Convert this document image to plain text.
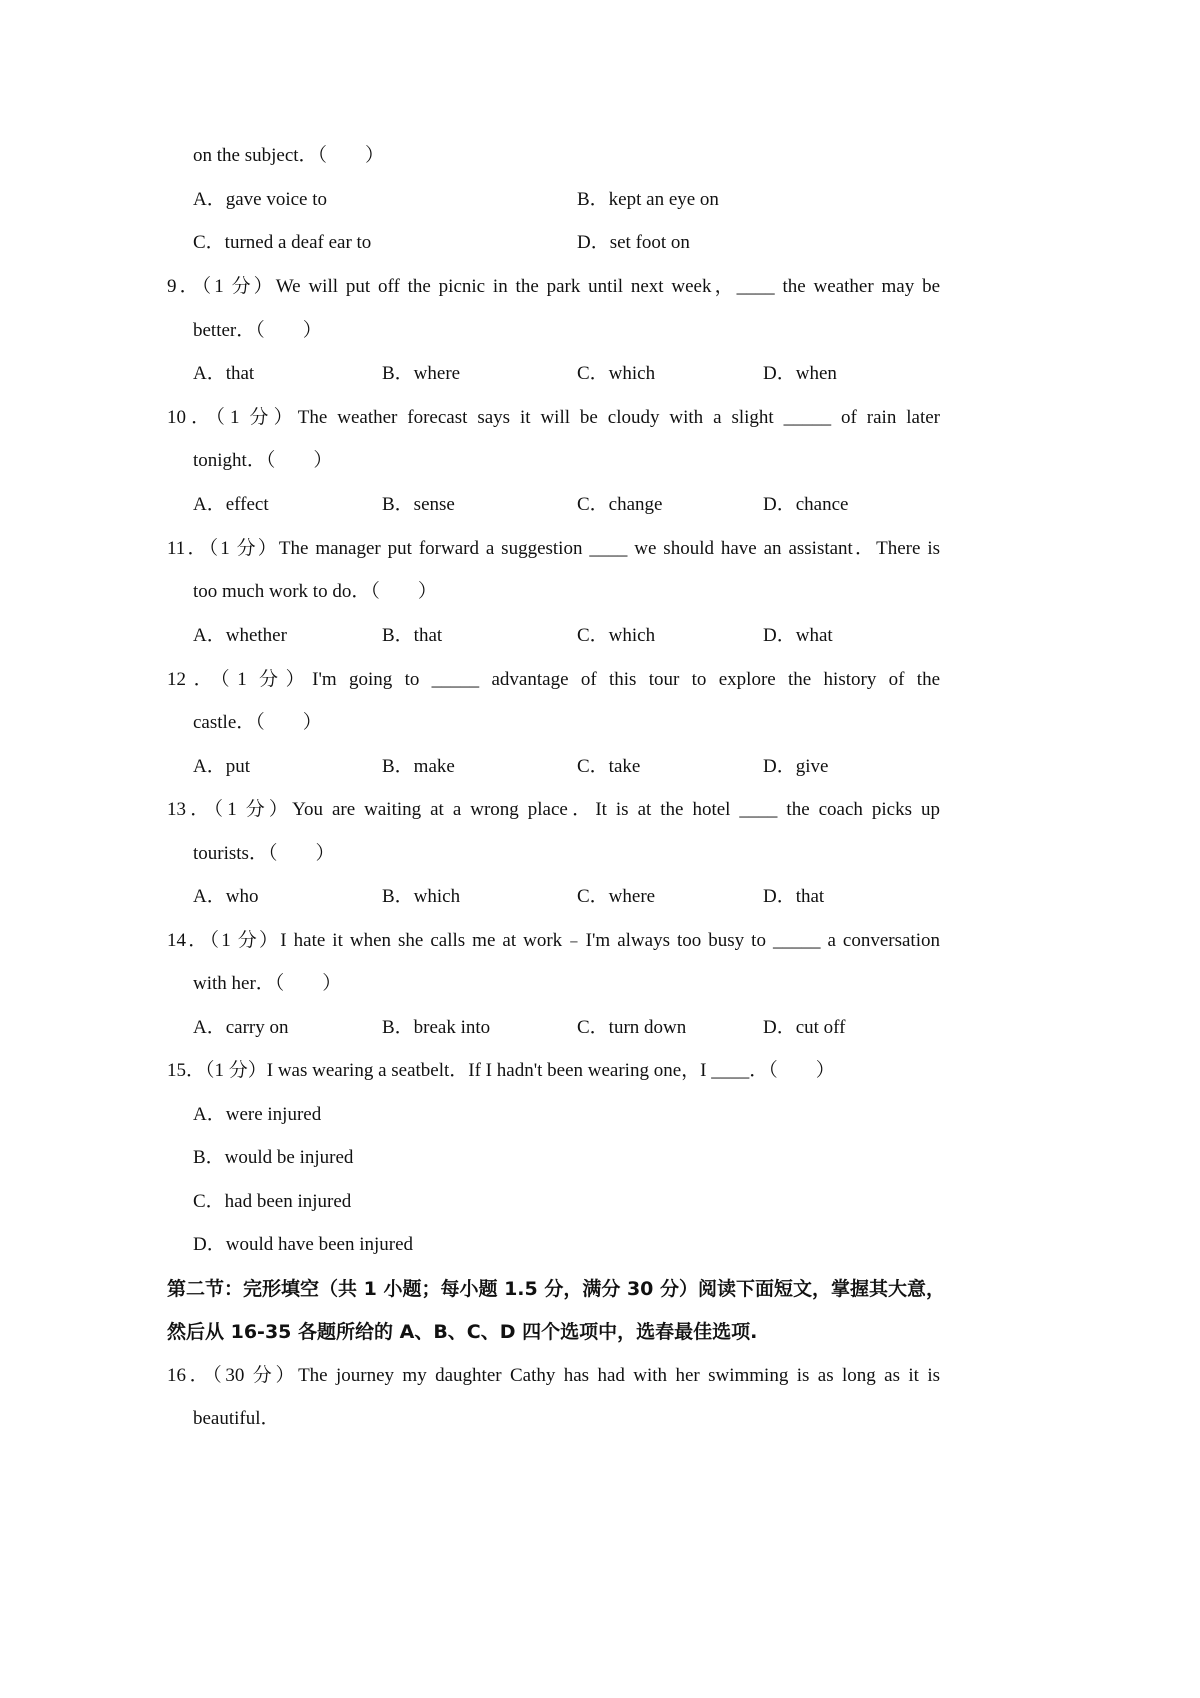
on the subject．（　　）
A．gave voice to	B．kept an eye on
C．turned a deaf ear to	D．set foot on
9．（1 分）We will put off the picnic in the park until next week，____ the weather may be
better．（　　）
A．that	B．where	C．which	D．when
10．（1 分）The weather forecast says it will be cloudy with a slight _____ of rain later
tonight．（　　）
A．effect	B．sense	C．change	D．chance
11．（1 分）The manager put forward a suggestion ____ we should have an assistant．There is
too much work to do．（　　）
A．whether	B．that	C．which	D．what
12．（1 分）I'm going to _____ advantage of this tour to explore the history of the
castle．（　　）
A．put	B．make	C．take	D．give
13．（1 分）You are waiting at a wrong place．It is at the hotel ____ the coach picks up
tourists．（　　）
A．who	B．which	C．where	D．that
14．（1 分）I hate it when she calls me at work﹣I'm always too busy to _____ a conversation
with her．（　　）
A．carry on	B．break into	C．turn down	D．cut off
15．（1 分）I was wearing a seatbelt．If I hadn't been wearing one，I ____．（　　）
A．were injured
B．would be injured
C．had been injured
D．would have been injured
第二节：完形填空（共 1 小题；每小题 1.5 分，满分 30 分）阅读下面短文，掌握其大意，
然后从 16-35 各题所给的 A、B、C、D 四个选项中，选春最佳选项.
16．（30 分）The journey my daughter Cathy has had with her swimming is as long as it is
beautiful．
